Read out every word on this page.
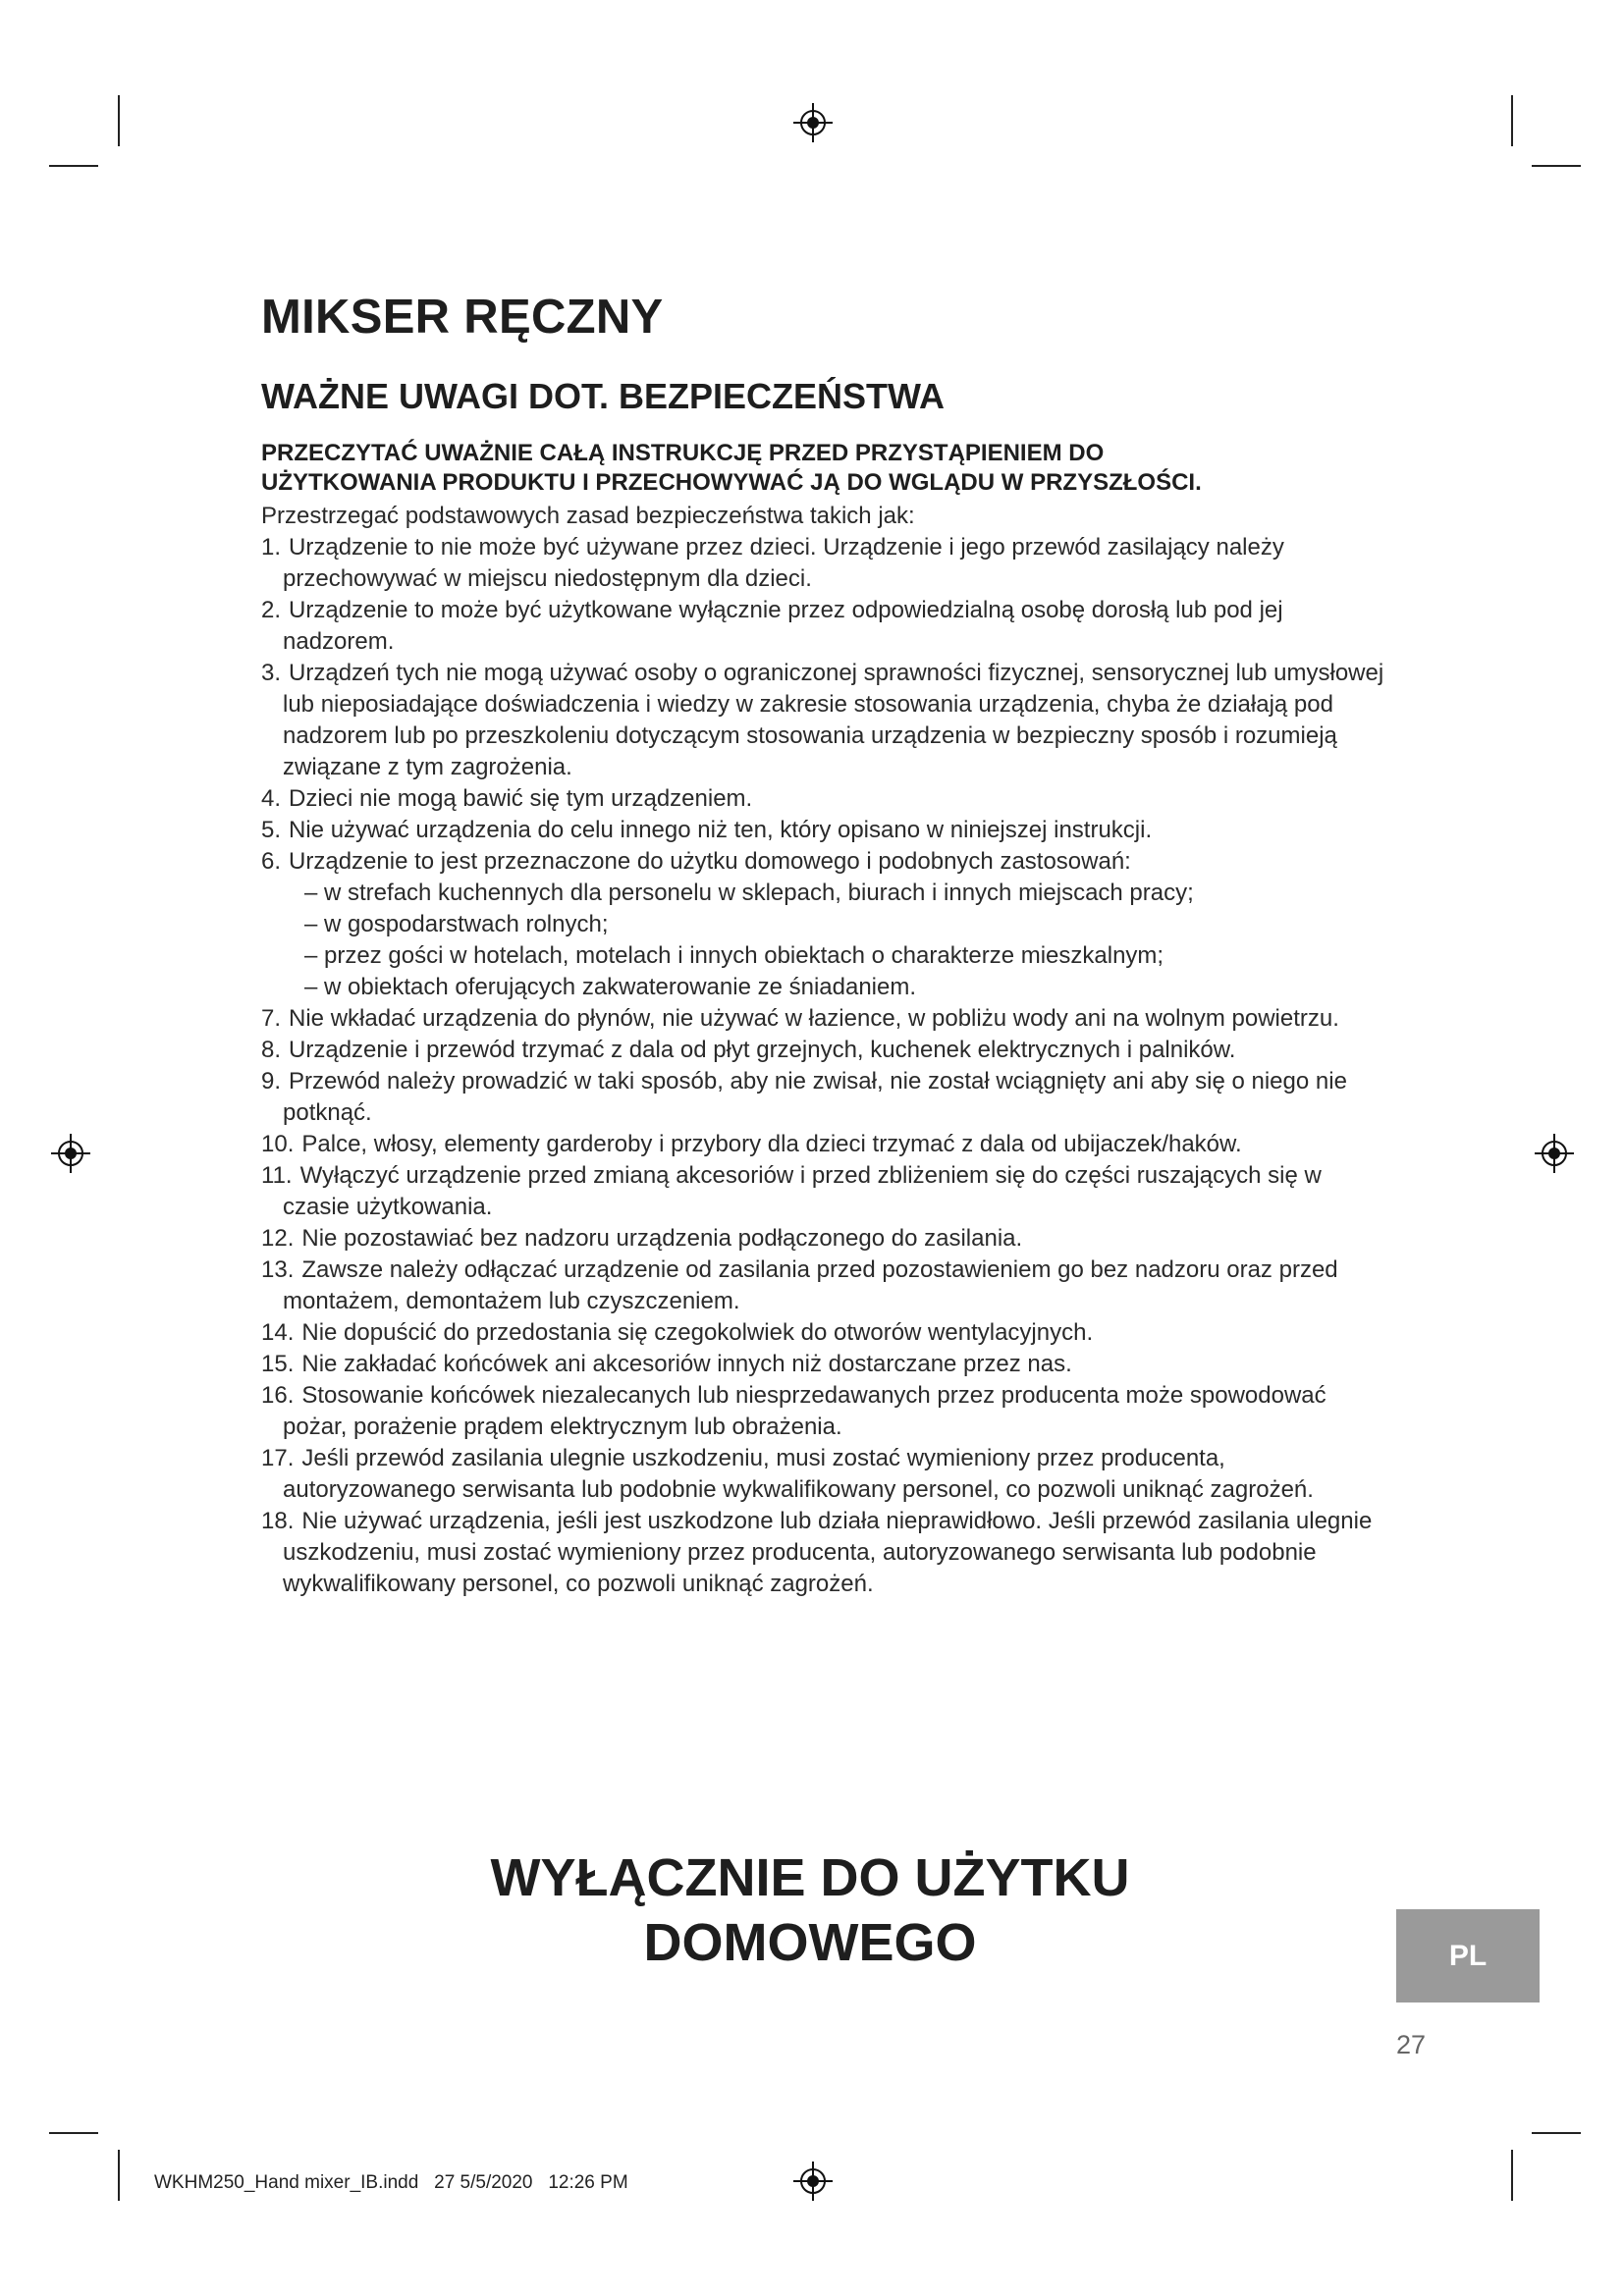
MIKSER RĘCZNY
WAŻNE UWAGI DOT. BEZPIECZEŃSTWA

PRZECZYTAĆ UWAŻNIE CAŁĄ INSTRUKCJĘ PRZED PRZYSTĄPIENIEM DO
UŻYTKOWANIA PRODUKTU I PRZECHOWYWAĆ JĄ DO WGLĄDU W PRZYSZŁOŚCI.

Przestrzegać podstawowych zasad bezpieczeństwa takich jak:

1. Urządzenie to nie może być używane przez dzieci. Urządzenie i jego przewód zasilający należy przechowywać w miejscu niedostępnym dla dzieci.
2. Urządzenie to może być użytkowane wyłącznie przez odpowiedzialną osobę dorosłą lub pod jej nadzorem.
3. Urządzeń tych nie mogą używać osoby o ograniczonej sprawności fizycznej, sensorycznej lub umysłowej lub nieposiadające doświadczenia i wiedzy w zakresie stosowania urządzenia, chyba że działają pod nadzorem lub po przeszkoleniu dotyczącym stosowania urządzenia w bezpieczny sposób i rozumieją związane z tym zagrożenia.
4. Dzieci nie mogą bawić się tym urządzeniem.
5. Nie używać urządzenia do celu innego niż ten, który opisano w niniejszej instrukcji.
6. Urządzenie to jest przeznaczone do użytku domowego i podobnych zastosowań:
– w strefach kuchennych dla personelu w sklepach, biurach i innych miejscach pracy;
– w gospodarstwach rolnych;
– przez gości w hotelach, motelach i innych obiektach o charakterze mieszkalnym;
– w obiektach oferujących zakwaterowanie ze śniadaniem.
7. Nie wkładać urządzenia do płynów, nie używać w łazience, w pobliżu wody ani na wolnym powietrzu.
8. Urządzenie i przewód trzymać z dala od płyt grzejnych, kuchenek elektrycznych i palników.
9. Przewód należy prowadzić w taki sposób, aby nie zwisał, nie został wciągnięty ani aby się o niego nie potknąć.
10. Palce, włosy, elementy garderoby i przybory dla dzieci trzymać z dala od ubijaczek/haków.
11. Wyłączyć urządzenie przed zmianą akcesoriów i przed zbliżeniem się do części ruszających się w czasie użytkowania.
12. Nie pozostawiać bez nadzoru urządzenia podłączonego do zasilania.
13. Zawsze należy odłączać urządzenie od zasilania przed pozostawieniem go bez nadzoru oraz przed montażem, demontażem lub czyszczeniem.
14. Nie dopuścić do przedostania się czegokolwiek do otworów wentylacyjnych.
15. Nie zakładać końcówek ani akcesoriów innych niż dostarczane przez nas.
16. Stosowanie końcówek niezalecanych lub niesprzedawanych przez producenta może spowodować pożar, porażenie prądem elektrycznym lub obrażenia.
17. Jeśli przewód zasilania ulegnie uszkodzeniu, musi zostać wymieniony przez producenta, autoryzowanego serwisanta lub podobnie wykwalifikowany personel, co pozwoli uniknąć zagrożeń.
18. Nie używać urządzenia, jeśli jest uszkodzone lub działa nieprawidłowo. Jeśli przewód zasilania ulegnie uszkodzeniu, musi zostać wymieniony przez producenta, autoryzowanego serwisanta lub podobnie wykwalifikowany personel, co pozwoli uniknąć zagrożeń.
WYŁĄCZNIE DO UŻYTKU
DOMOWEGO	PL

27

WKHM250_Hand mixer_IB.indd   27 5/5/2020   12:26 PM
